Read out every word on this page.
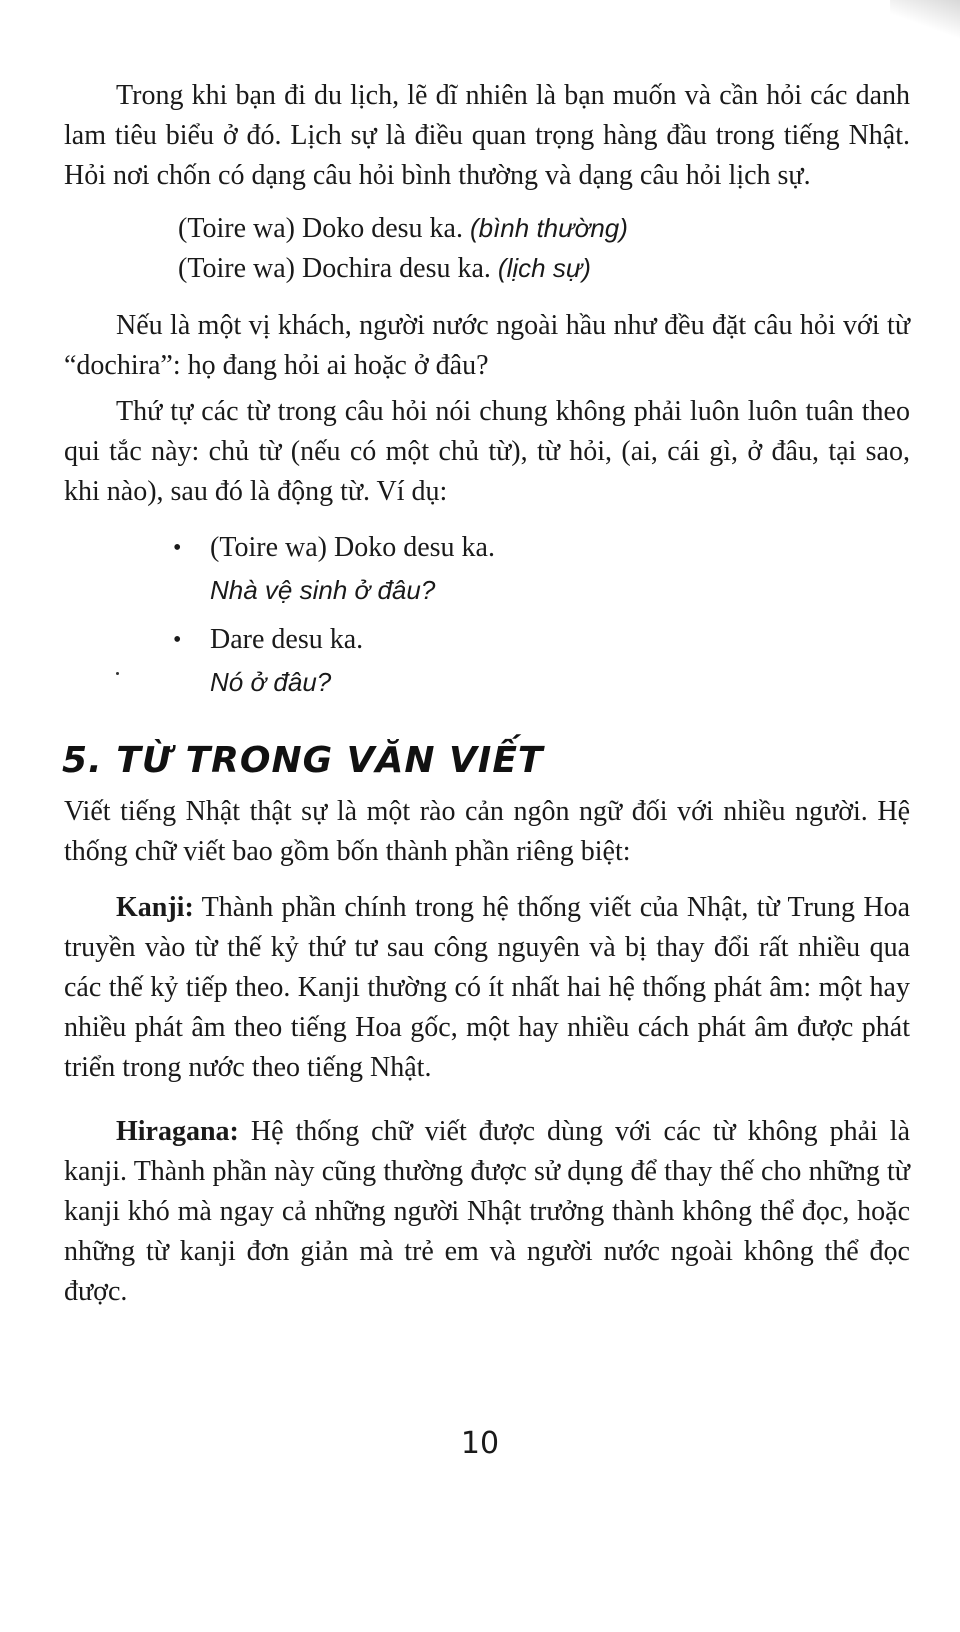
Trong khi bạn đi du lịch, lẽ dĩ nhiên là bạn muốn và cần hỏi các danh lam tiêu biểu ở đó. Lịch sự là điều quan trọng hàng đầu trong tiếng Nhật. Hỏi nơi chốn có dạng câu hỏi bình thường và dạng câu hỏi lịch sự.

(Toire wa) Doko desu ka. (bình thường)

(Toire wa) Dochira desu ka. (lịch sự)

Nếu là một vị khách, người nước ngoài hầu như đều đặt câu hỏi với từ “dochira”: họ đang hỏi ai hoặc ở đâu?

Thứ tự các từ trong câu hỏi nói chung không phải luôn luôn tuân theo qui tắc này: chủ từ (nếu có một chủ từ), từ hỏi, (ai, cái gì, ở đâu, tại sao, khi nào), sau đó là động từ. Ví dụ:

• (Toire wa) Doko desu ka.

Nhà vệ sinh ở đâu?

• Dare desu ka.

Nó ở đâu?

5. TỪ TRONG VĂN VIẾT

Viết tiếng Nhật thật sự là một rào cản ngôn ngữ đối với nhiều người. Hệ thống chữ viết bao gồm bốn thành phần riêng biệt:

Kanji: Thành phần chính trong hệ thống viết của Nhật, từ Trung Hoa truyền vào từ thế kỷ thứ tư sau công nguyên và bị thay đổi rất nhiều qua các thế kỷ tiếp theo. Kanji thường có ít nhất hai hệ thống phát âm: một hay nhiều phát âm theo tiếng Hoa gốc, một hay nhiều cách phát âm được phát triển trong nước theo tiếng Nhật.

Hiragana: Hệ thống chữ viết được dùng với các từ không phải là kanji. Thành phần này cũng thường được sử dụng để thay thế cho những từ kanji khó mà ngay cả những người Nhật trưởng thành không thể đọc, hoặc những từ kanji đơn giản mà trẻ em và người nước ngoài không thể đọc được.

10
